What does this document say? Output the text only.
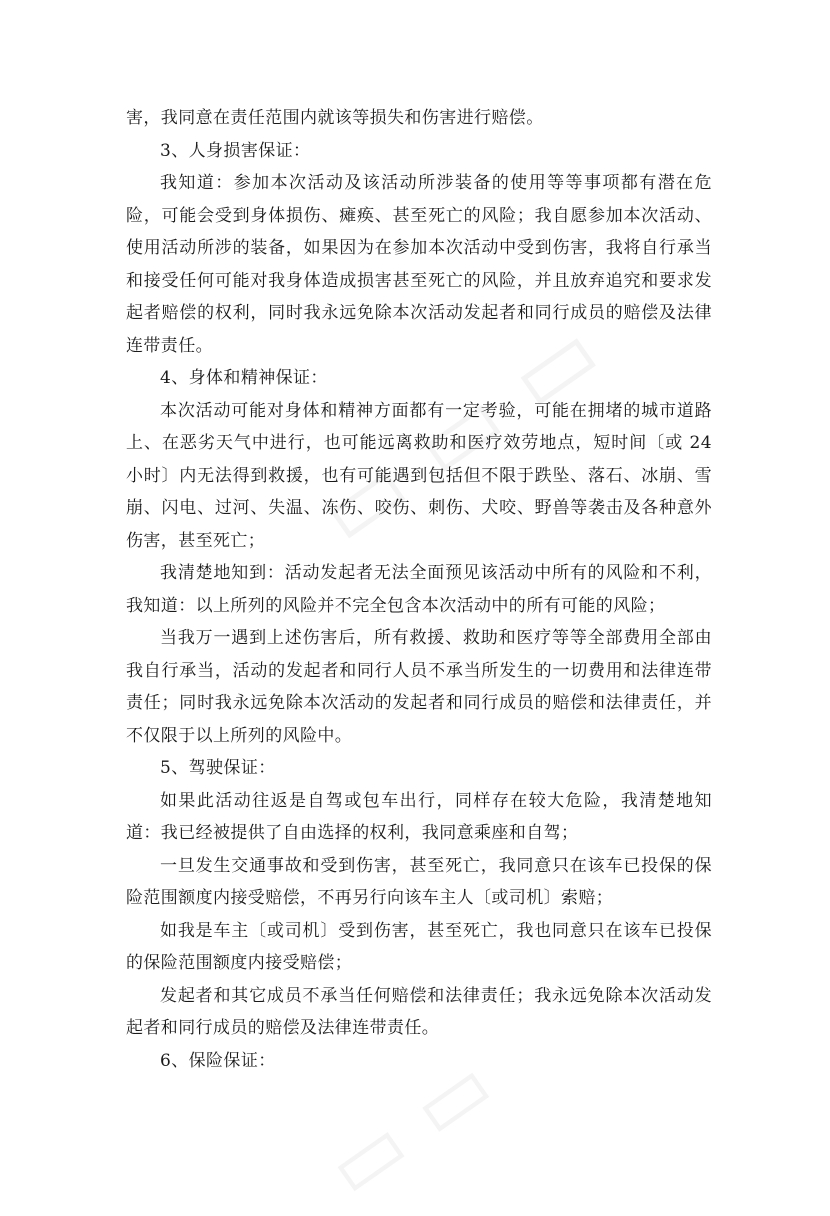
害，我同意在责任范围内就该等损失和伤害进行赔偿。

3、人身损害保证：

我知道：参加本次活动及该活动所涉装备的使用等等事项都有潜在危险，可能会受到身体损伤、瘫痪、甚至死亡的风险；我自愿参加本次活动、使用活动所涉的装备，如果因为在参加本次活动中受到伤害，我将自行承当和接受任何可能对我身体造成损害甚至死亡的风险，并且放弃追究和要求发起者赔偿的权利，同时我永远免除本次活动发起者和同行成员的赔偿及法律连带责任。

4、身体和精神保证：

本次活动可能对身体和精神方面都有一定考验，可能在拥堵的城市道路上、在恶劣天气中进行，也可能远离救助和医疗效劳地点，短时间〔或 24 小时〕内无法得到救援，也有可能遇到包括但不限于跌坠、落石、冰崩、雪崩、闪电、过河、失温、冻伤、咬伤、刺伤、犬咬、野兽等袭击及各种意外伤害，甚至死亡；

我清楚地知到：活动发起者无法全面预见该活动中所有的风险和不利，我知道：以上所列的风险并不完全包含本次活动中的所有可能的风险；

当我万一遇到上述伤害后，所有救援、救助和医疗等等全部费用全部由我自行承当，活动的发起者和同行人员不承当所发生的一切费用和法律连带责任；同时我永远免除本次活动的发起者和同行成员的赔偿和法律责任，并不仅限于以上所列的风险中。

5、驾驶保证：

如果此活动往返是自驾或包车出行，同样存在较大危险，我清楚地知道：我已经被提供了自由选择的权利，我同意乘座和自驾；

一旦发生交通事故和受到伤害，甚至死亡，我同意只在该车已投保的保险范围额度内接受赔偿，不再另行向该车主人〔或司机〕索赔；

如我是车主〔或司机〕受到伤害，甚至死亡，我也同意只在该车已投保的保险范围额度内接受赔偿；

发起者和其它成员不承当任何赔偿和法律责任；我永远免除本次活动发起者和同行成员的赔偿及法律连带责任。

6、保险保证：
